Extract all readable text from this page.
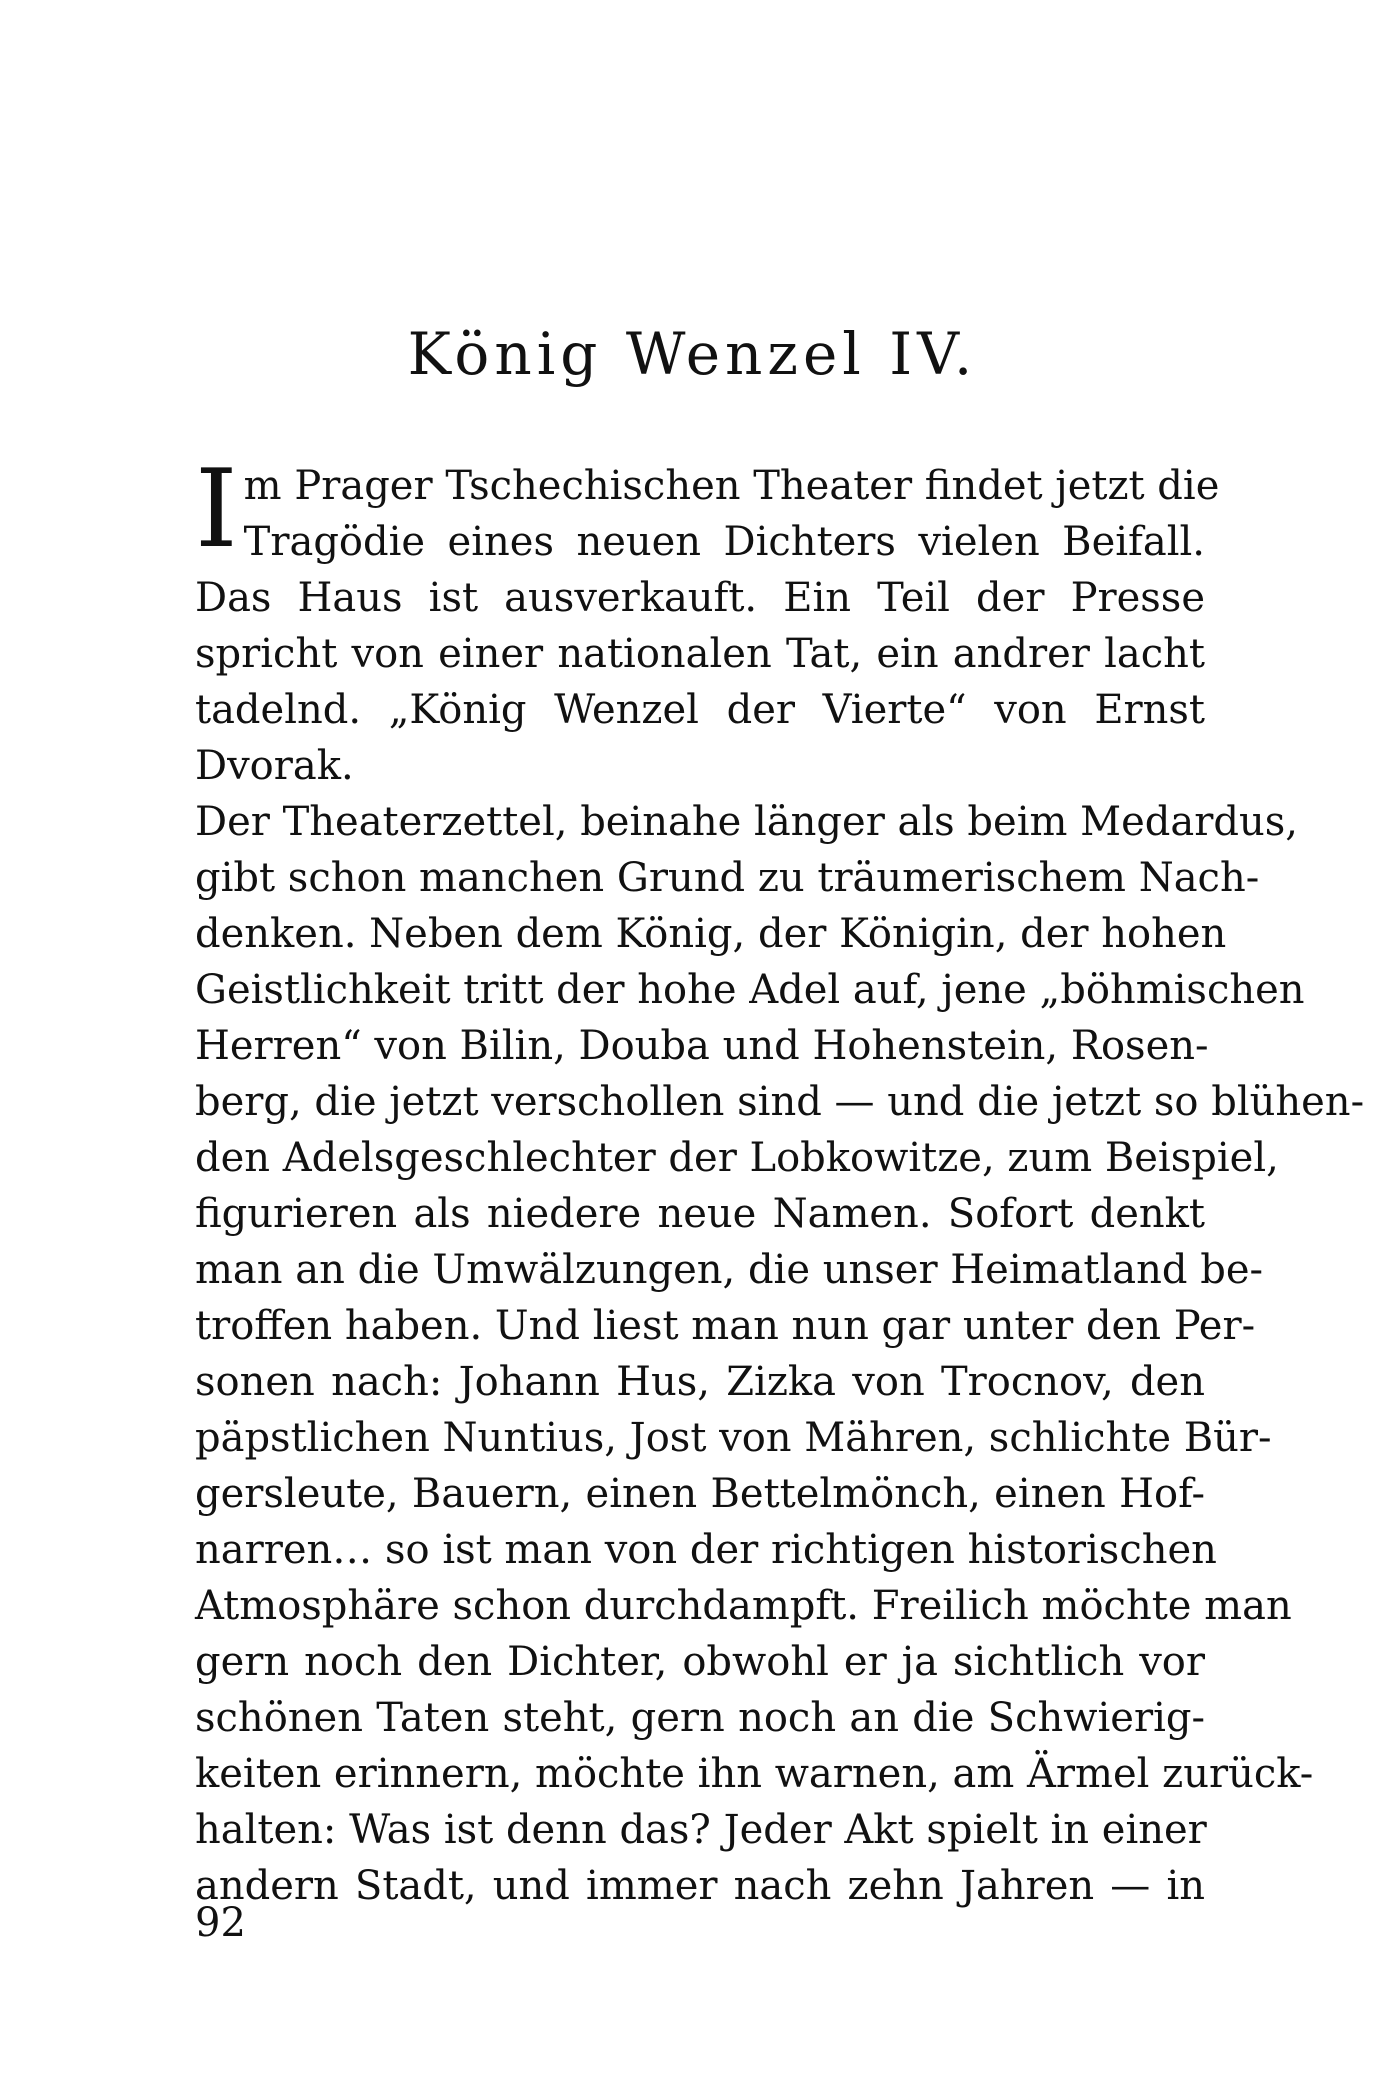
König Wenzel IV.
I m Prager Tschechischen Theater findet jetzt die
Tragödie eines neuen Dichters vielen Beifall.
Das Haus ist ausverkauft. Ein Teil der Presse
spricht von einer nationalen Tat, ein andrer lacht
tadelnd. „König Wenzel der Vierte“ von Ernst
Dvorak.
Der Theaterzettel, beinahe länger als beim Medardus,
gibt schon manchen Grund zu träumerischem Nach-
denken. Neben dem König, der Königin, der hohen
Geistlichkeit tritt der hohe Adel auf, jene „böhmischen
Herren“ von Bilin, Douba und Hohenstein, Rosen-
berg, die jetzt verschollen sind — und die jetzt so blühen-
den Adelsgeschlechter der Lobkowitze, zum Beispiel,
figurieren als niedere neue Namen. Sofort denkt
man an die Umwälzungen, die unser Heimatland be-
troffen haben. Und liest man nun gar unter den Per-
sonen nach: Johann Hus, Zizka von Trocnov, den
päpstlichen Nuntius, Jost von Mähren, schlichte Bür-
gersleute, Bauern, einen Bettelmönch, einen Hof-
narren… so ist man von der richtigen historischen
Atmosphäre schon durchdampft. Freilich möchte man
gern noch den Dichter, obwohl er ja sichtlich vor
schönen Taten steht, gern noch an die Schwierig-
keiten erinnern, möchte ihn warnen, am Ärmel zurück-
halten: Was ist denn das? Jeder Akt spielt in einer
andern Stadt, und immer nach zehn Jahren — in

92
